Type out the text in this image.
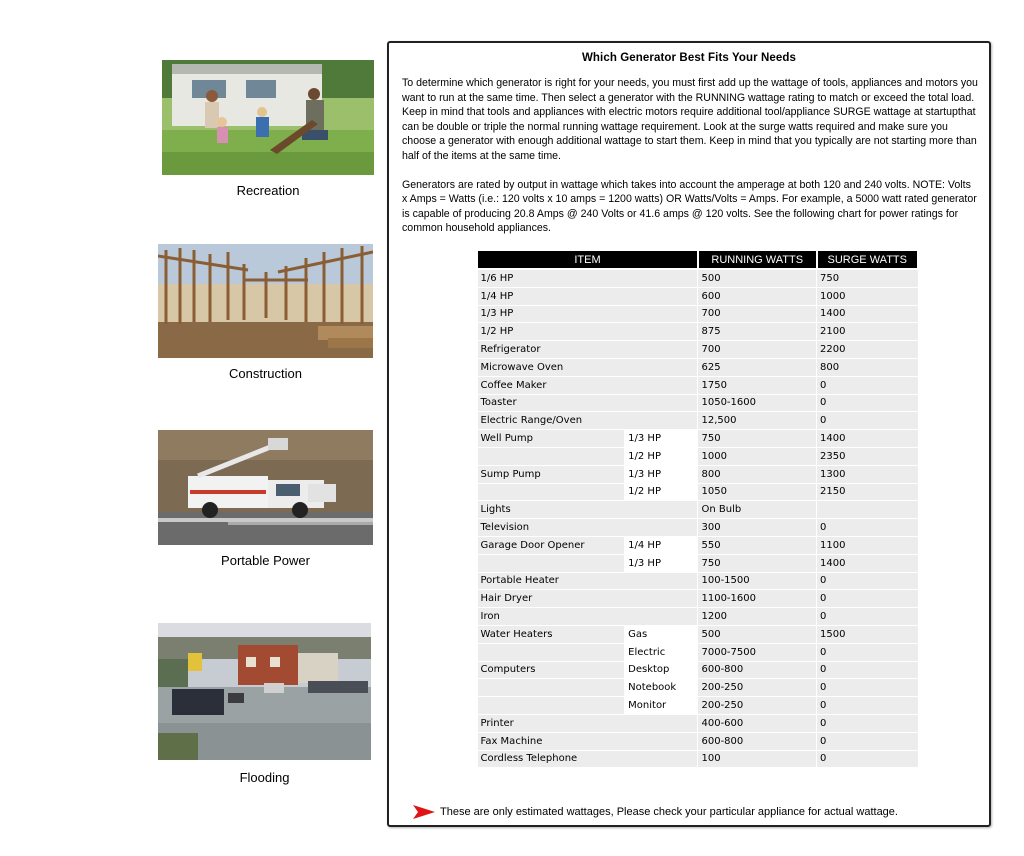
Recreation
Construction
Portable Power
Flooding
Which Generator Best Fits Your Needs

To determine which generator is right for your needs, you must first add up the wattage of tools, appliances and motors you want to run at the same time. Then select a generator with the RUNNING wattage rating to match or exceed the total load. Keep in mind that tools and appliances with electric motors require additional tool/appliance SURGE wattage at startupthat can be double or triple the normal running wattage requirement. Look at the surge watts required and make sure you choose a generator with enough additional wattage to start them. Keep in mind that you typically are not starting more than half of the items at the same time.

Generators are rated by output in wattage which takes into account the amperage at both 120 and 240 volts. NOTE: Volts x Amps = Watts (i.e.: 120 volts x 10 amps = 1200 watts) OR Watts/Volts = Amps. For example, a 5000 watt rated generator is capable of producing 20.8 Amps @ 240 Volts or 41.6 amps @ 120 volts. See the following chart for power ratings for common household appliances.

ITEM		RUNNING WATTS	SURGE WATTS
1/6 HP		500	750
1/4 HP		600	1000
1/3 HP		700	1400
1/2 HP		875	2100
Refrigerator		700	2200
Microwave Oven		625	800
Coffee Maker		1750	0
Toaster		1050-1600	0
Electric Range/Oven		12,500	0
Well Pump	1/3 HP	750	1400
	1/2 HP	1000	2350
Sump Pump	1/3 HP	800	1300
	1/2 HP	1050	2150
Lights		On Bulb	
Television		300	0
Garage Door Opener	1/4 HP	550	1100
	1/3 HP	750	1400
Portable Heater		100-1500	0
Hair Dryer		1100-1600	0
Iron		1200	0
Water Heaters	Gas	500	1500
	Electric	7000-7500	0
Computers	Desktop	600-800	0
	Notebook	200-250	0
	Monitor	200-250	0
Printer		400-600	0
Fax Machine		600-800	0
Cordless Telephone		100	0
These are only estimated wattages, Please check your particular appliance for actual wattage.
